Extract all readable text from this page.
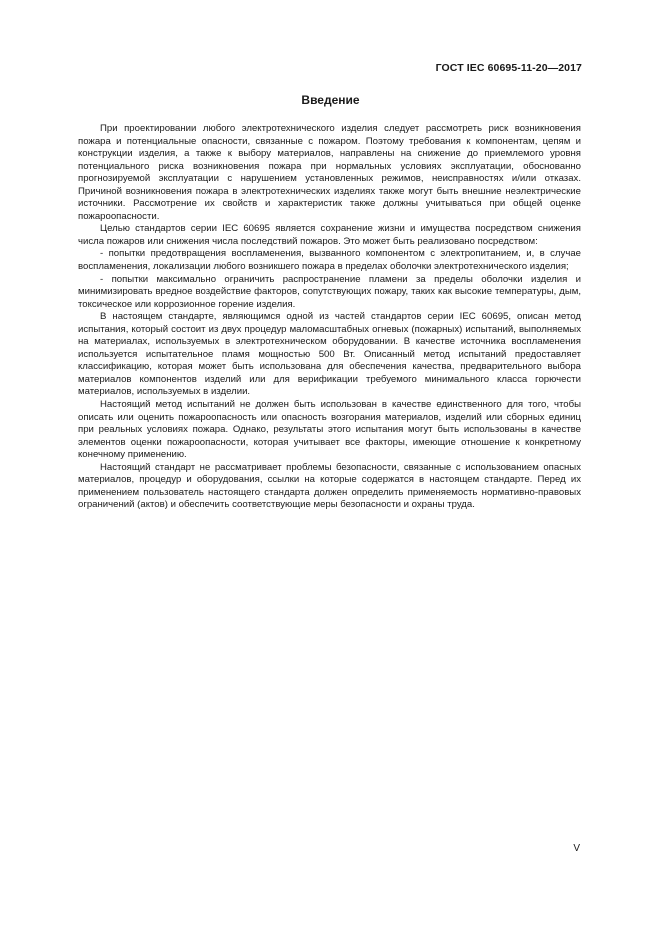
ГОСТ IEC 60695-11-20—2017
Введение

При проектировании любого электротехнического изделия следует рассмотреть риск возникновения пожара и потенциальные опасности, связанные с пожаром. Поэтому требования к компонентам, цепям и конструкции изделия, а также к выбору материалов, направлены на снижение до приемлемого уровня потенциального риска возникновения пожара при нормальных условиях эксплуатации, обоснованно прогнозируемой эксплуатации с нарушением установленных режимов, неисправностях и/или отказах. Причиной возникновения пожара в электротехнических изделиях также могут быть внешние неэлектрические источники. Рассмотрение их свойств и характеристик также должны учитываться при общей оценке пожароопасности.

Целью стандартов серии IEC 60695 является сохранение жизни и имущества посредством снижения числа пожаров или снижения числа последствий пожаров. Это может быть реализовано посредством:

- попытки предотвращения воспламенения, вызванного компонентом с электропитанием, и, в случае воспламенения, локализации любого возникшего пожара в пределах оболочки электротехнического изделия;

- попытки максимально ограничить распространение пламени за пределы оболочки изделия и минимизировать вредное воздействие факторов, сопутствующих пожару, таких как высокие температуры, дым, токсическое или коррозионное горение изделия.

В настоящем стандарте, являющимся одной из частей стандартов серии IEC 60695, описан метод испытания, который состоит из двух процедур маломасштабных огневых (пожарных) испытаний, выполняемых на материалах, используемых в электротехническом оборудовании. В качестве источника воспламенения используется испытательное пламя мощностью 500 Вт. Описанный метод испытаний предоставляет классификацию, которая может быть использована для обеспечения качества, предварительного выбора материалов компонентов изделий или для верификации требуемого минимального класса горючести материалов, используемых в изделии.

Настоящий метод испытаний не должен быть использован в качестве единственного для того, чтобы описать или оценить пожароопасность или опасность возгорания материалов, изделий или сборных единиц при реальных условиях пожара. Однако, результаты этого испытания могут быть использованы в качестве элементов оценки пожароопасности, которая учитывает все факторы, имеющие отношение к конкретному конечному применению.

Настоящий стандарт не рассматривает проблемы безопасности, связанные с использованием опасных материалов, процедур и оборудования, ссылки на которые содержатся в настоящем стандарте. Перед их применением пользователь настоящего стандарта должен определить применяемость нормативно-правовых ограничений (актов) и обеспечить соответствующие меры безопасности и охраны труда.

V
